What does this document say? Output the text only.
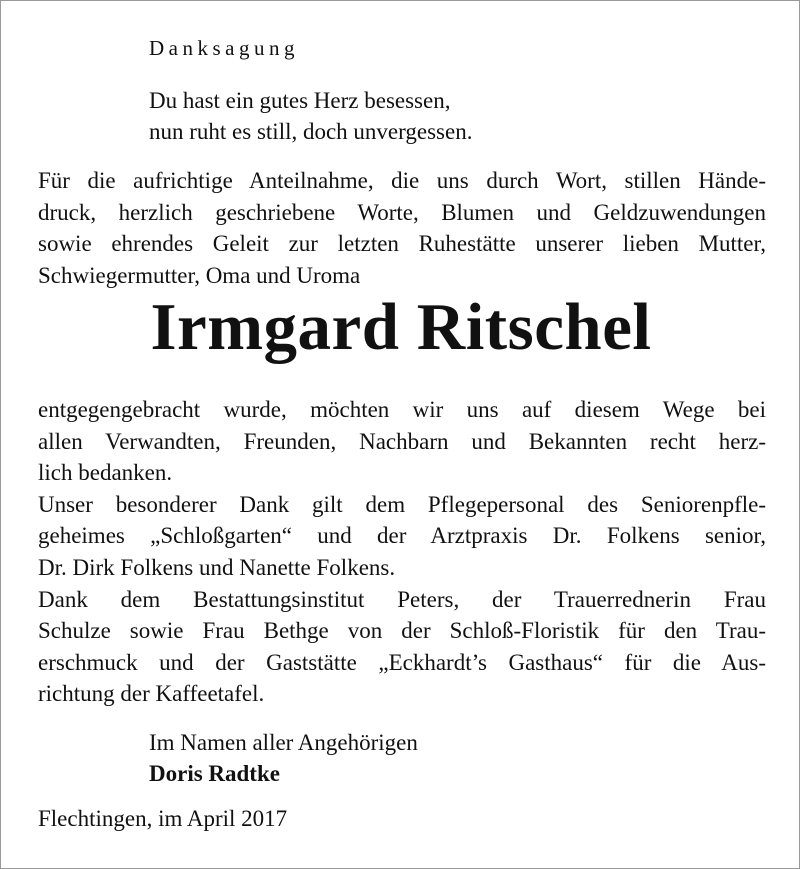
Danksagung
Du hast ein gutes Herz besessen,
nun ruht es still, doch unvergessen.
Für die aufrichtige Anteilnahme, die uns durch Wort, stillen Hände-
druck, herzlich geschriebene Worte, Blumen und Geldzuwendungen
sowie ehrendes Geleit zur letzten Ruhestätte unserer lieben Mutter,
Schwiegermutter, Oma und Uroma
Irmgard Ritschel
entgegengebracht wurde, möchten wir uns auf diesem Wege bei
allen Verwandten, Freunden, Nachbarn und Bekannten recht herz-
lich bedanken.
Unser besonderer Dank gilt dem Pflegepersonal des Seniorenpfle-
geheimes „Schloßgarten“ und der Arztpraxis Dr. Folkens senior,
Dr. Dirk Folkens und Nanette Folkens.
Dank dem Bestattungsinstitut Peters, der Trauerrednerin Frau
Schulze sowie Frau Bethge von der Schloß-Floristik für den Trau-
erschmuck und der Gaststätte „Eckhardt’s Gasthaus“ für die Aus-
richtung der Kaffeetafel.
Im Namen aller Angehörigen
Doris Radtke
Flechtingen, im April 2017
